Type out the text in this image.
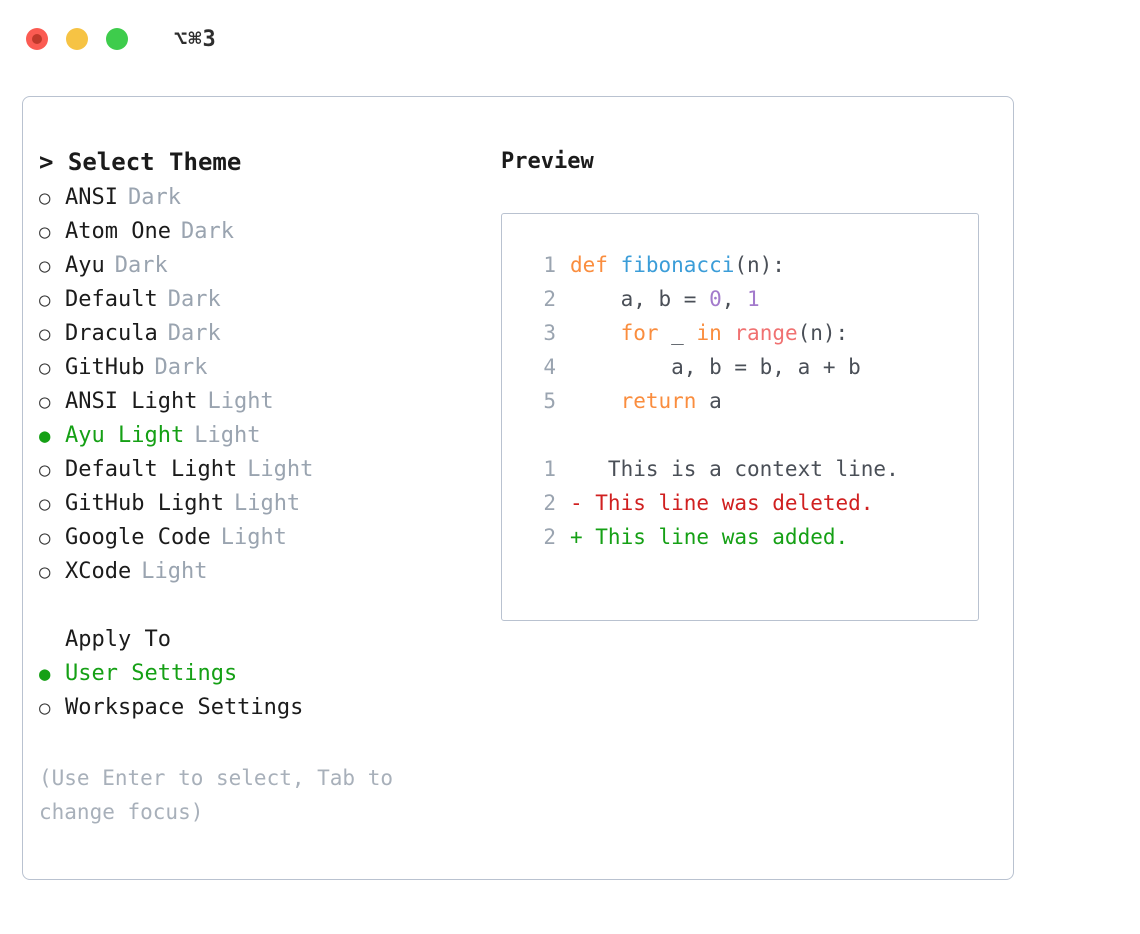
⌥⌘3
> Select Theme
○ ANSI Dark
○ Atom One Dark
○ Ayu Dark
○ Default Dark
○ Dracula Dark
○ GitHub Dark
○ ANSI Light Light
● Ayu Light Light
○ Default Light Light
○ GitHub Light Light
○ Google Code Light
○ XCode Light
Apply To
● User Settings
○ Workspace Settings
(Use Enter to select, Tab to change focus)
Preview
1 def fibonacci(n):
2 a, b = 0, 1
3	for _ in range(n):
4 a, b = b, a + b
5	return a
1 This is a context line.
2 - This line was deleted.
2 + This line was added.
